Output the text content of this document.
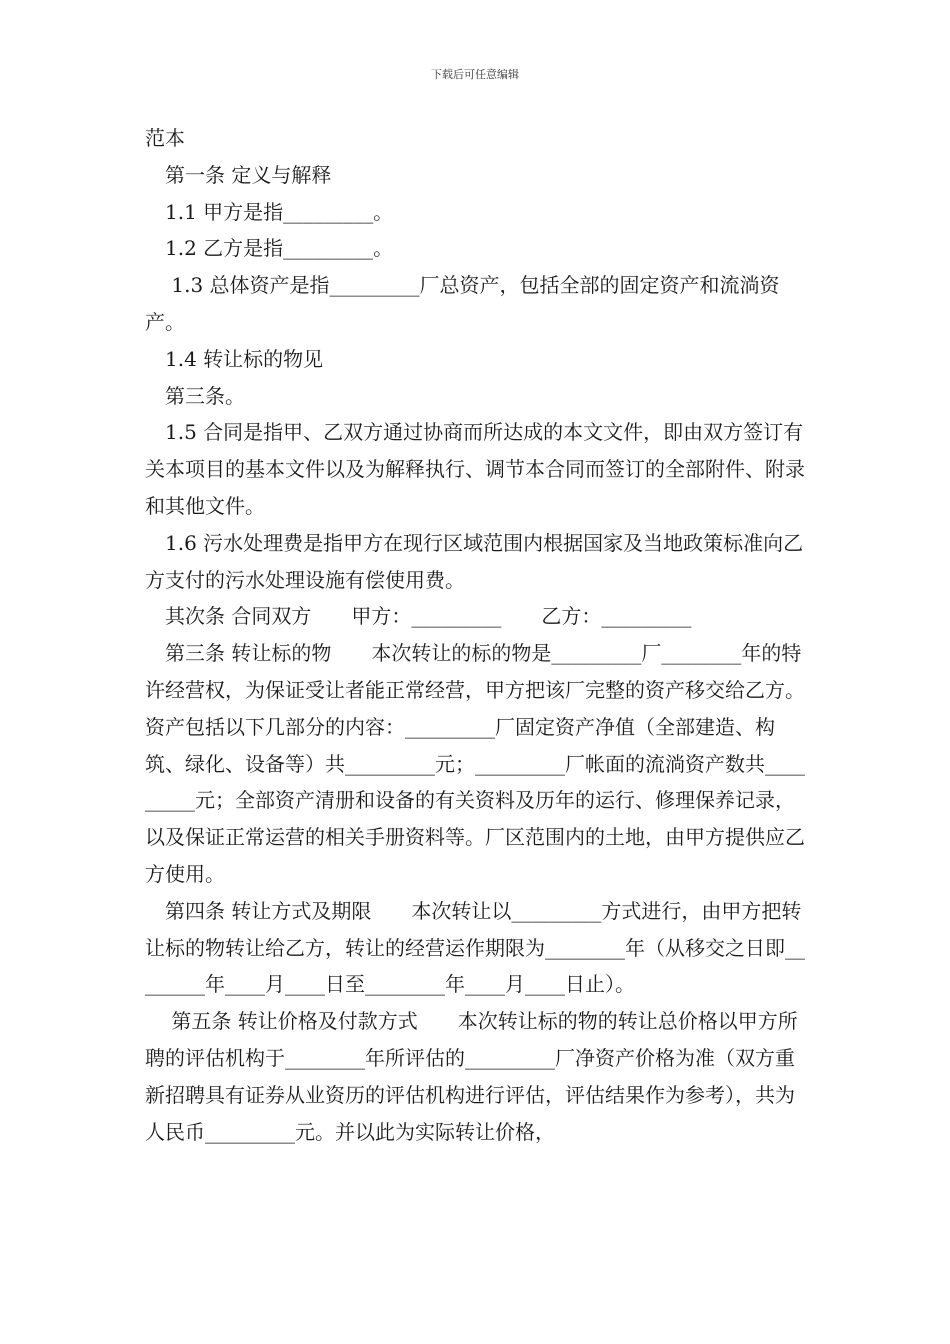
下载后可任意编辑

范本

第一条 定义与解释

1.1 甲方是指_________。

1.2 乙方是指_________。

1.3 总体资产是指_________厂总资产，包括全部的固定资产和流淌资产。

1.4 转让标的物见

第三条。

1.5 合同是指甲、乙双方通过协商而所达成的本文文件，即由双方签订有关本项目的基本文件以及为解释执行、调节本合同而签订的全部附件、附录和其他文件。

1.6 污水处理费是指甲方在现行区域范围内根据国家及当地政策标准向乙方支付的污水处理设施有偿使用费。

其次条 合同双方　　甲方：_________　　乙方：_________

第三条 转让标的物　　本次转让的标的物是_________厂________年的特许经营权，为保证受让者能正常经营，甲方把该厂完整的资产移交给乙方。资产包括以下几部分的内容：_________厂固定资产净值（全部建造、构筑、绿化、设备等）共_________元；_________厂帐面的流淌资产数共_________元；全部资产清册和设备的有关资料及历年的运行、修理保养记录，以及保证正常运营的相关手册资料等。厂区范围内的土地，由甲方提供应乙方使用。

第四条 转让方式及期限　　本次转让以_________方式进行，由甲方把转让标的物转让给乙方，转让的经营运作期限为________年（从移交之日即________年____月____日至________年____月____日止）。

第五条 转让价格及付款方式　　本次转让标的物的转让总价格以甲方所聘的评估机构于________年所评估的_________厂净资产价格为准（双方重新招聘具有证券从业资历的评估机构进行评估，评估结果作为参考），共为人民币_________元。并以此为实际转让价格，
